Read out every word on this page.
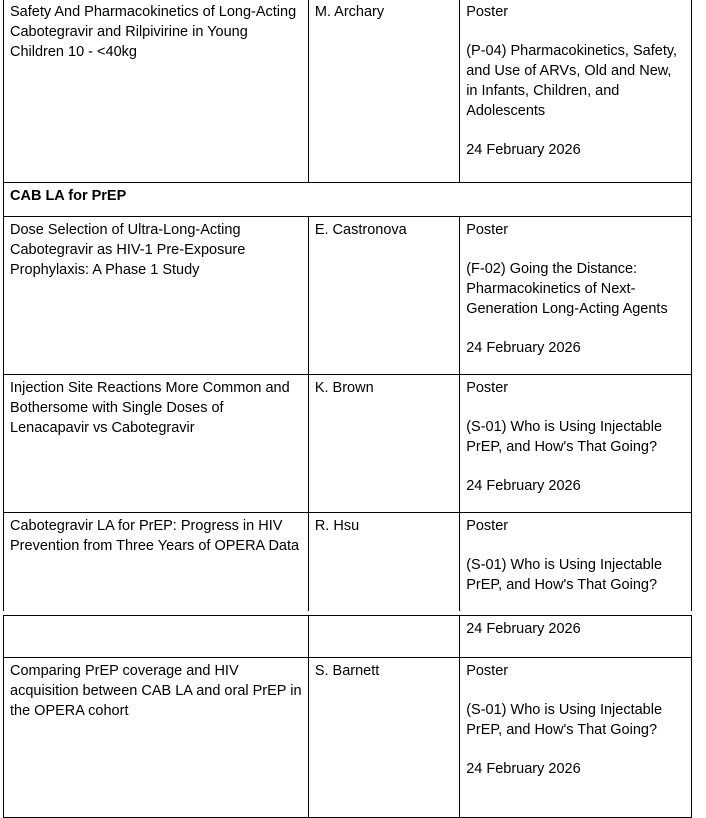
Safety And Pharmacokinetics of Long-Acting Cabotegravir and Rilpivirine in Young Children 10 - <40kg	M. Archary	Poster
(P-04) Pharmacokinetics, Safety, and Use of ARVs, Old and New, in Infants, Children, and Adolescents
24 February 2026

CAB LA for PrEP		
Dose Selection of Ultra-Long-Acting Cabotegravir as HIV-1 Pre-Exposure Prophylaxis: A Phase 1 Study	E. Castronova	Poster
(F-02) Going the Distance: Pharmacokinetics of Next-Generation Long-Acting Agents
24 February 2026

Injection Site Reactions More Common and Bothersome with Single Doses of Lenacapavir vs Cabotegravir	K. Brown	Poster
(S-01) Who is Using Injectable PrEP, and How's That Going?
24 February 2026

Cabotegravir LA for PrEP: Progress in HIV Prevention from Three Years of OPERA Data	R. Hsu	Poster
(S-01) Who is Using Injectable PrEP, and How's That Going?
		24 February 2026
Comparing PrEP coverage and HIV acquisition between CAB LA and oral PrEP in the OPERA cohort	S. Barnett	Poster
(S-01) Who is Using Injectable PrEP, and How's That Going?
24 February 2026
